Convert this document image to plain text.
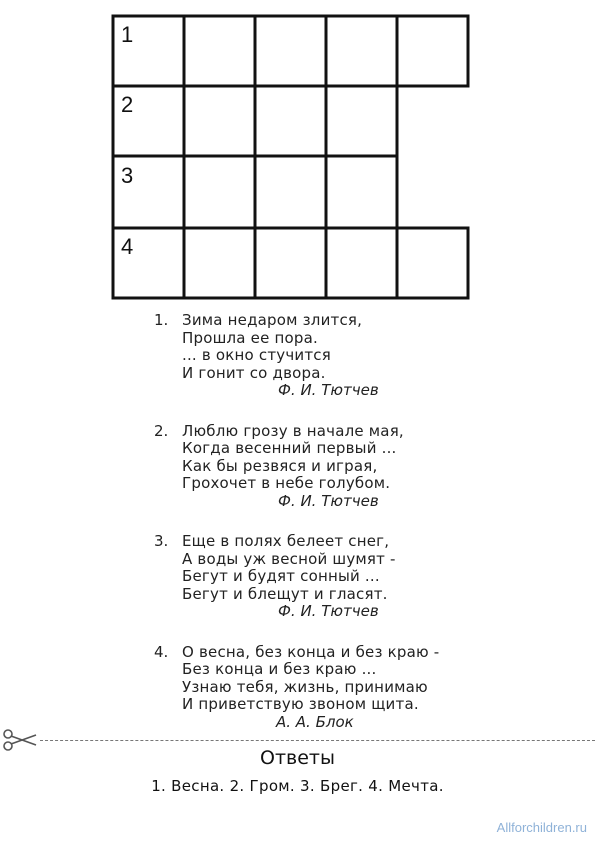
1
2
3
4
1. Зима недаром злится,
Прошла ее пора.
... в окно стучится
И гонит со двора.
Ф. И. Тютчев
2. Люблю грозу в начале мая,
Когда весенний первый ...
Как бы резвяся и играя,
Грохочет в небе голубом.
Ф. И. Тютчев
3. Еще в полях белеет снег,
А воды уж весной шумят -
Бегут и будят сонный ...
Бегут и блещут и гласят.
Ф. И. Тютчев
4. О весна, без конца и без краю -
Без конца и без краю ...
Узнаю тебя, жизнь, принимаю
И приветствую звоном щита.
А. А. Блок
Ответы
1. Весна. 2. Гром. 3. Брег. 4. Мечта.
Allforchildren.ru
